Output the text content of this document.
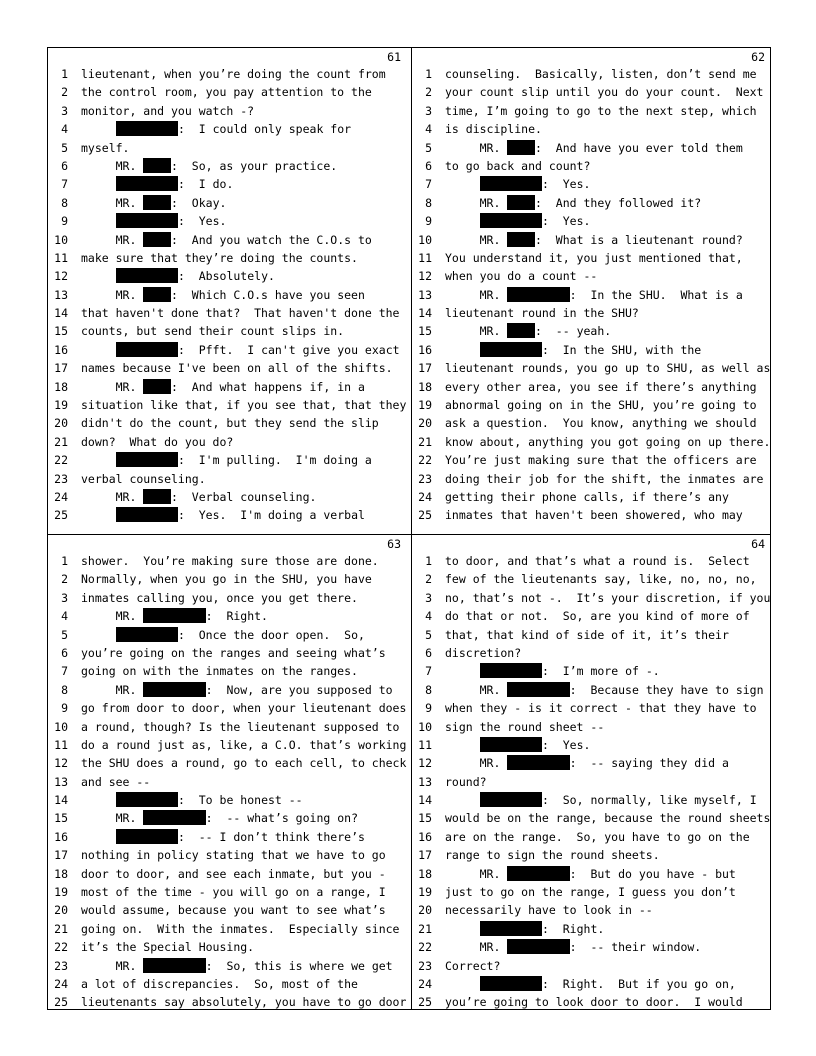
61
1 lieutenant, when you’re doing the count from
2 the control room, you pay attention to the
3 monitor, and you watch -?
4	:  I could only speak for
5 myself.
6     MR. :  So, as your practice.
7	:  I do.
8     MR. :  Okay.
9	:  Yes.
10     MR. :  And you watch the C.O.s to
11 make sure that they’re doing the counts.
12	:  Absolutely.
13     MR. :  Which C.O.s have you seen
14 that haven't done that?  That haven't done the
15 counts, but send their count slips in.
16	:  Pfft.  I can't give you exact
17 names because I've been on all of the shifts.
18     MR. :  And what happens if, in a
19 situation like that, if you see that, that they
20 didn't do the count, but they send the slip
21 down?  What do you do?
22	:  I'm pulling.  I'm doing a
23 verbal counseling.
24     MR. :  Verbal counseling.
25	:  Yes.  I'm doing a verbal
62
1 counseling.  Basically, listen, don’t send me
2 your count slip until you do your count.  Next
3 time, I’m going to go to the next step, which
4 is discipline.
5     MR. :  And have you ever told them
6 to go back and count?
7	:  Yes.
8     MR. :  And they followed it?
9	:  Yes.
10     MR. :  What is a lieutenant round?
11 You understand it, you just mentioned that,
12 when you do a count --
13     MR.	:  In the SHU.  What is a
14 lieutenant round in the SHU?
15     MR. :  -- yeah.
16	:  In the SHU, with the
17 lieutenant rounds, you go up to SHU, as well as
18 every other area, you see if there’s anything
19 abnormal going on in the SHU, you’re going to
20 ask a question.  You know, anything we should
21 know about, anything you got going on up there.
22 You’re just making sure that the officers are
23 doing their job for the shift, the inmates are
24 getting their phone calls, if there’s any
25 inmates that haven't been showered, who may
63
1 shower.  You’re making sure those are done.
2 Normally, when you go in the SHU, you have
3 inmates calling you, once you get there.
4     MR.	:  Right.
5	:  Once the door open.  So,
6 you’re going on the ranges and seeing what’s
7 going on with the inmates on the ranges.
8     MR.	:  Now, are you supposed to
9 go from door to door, when your lieutenant does
10 a round, though? Is the lieutenant supposed to
11 do a round just as, like, a C.O. that’s working
12 the SHU does a round, go to each cell, to check
13 and see --
14	:  To be honest --
15     MR.	:  -- what’s going on?
16	:  -- I don’t think there’s
17 nothing in policy stating that we have to go
18 door to door, and see each inmate, but you -
19 most of the time - you will go on a range, I
20 would assume, because you want to see what’s
21 going on.  With the inmates.  Especially since
22 it’s the Special Housing.
23     MR.	:  So, this is where we get
24 a lot of discrepancies.  So, most of the
25 lieutenants say absolutely, you have to go door
64
1 to door, and that’s what a round is.  Select
2 few of the lieutenants say, like, no, no, no,
3 no, that’s not -.  It’s your discretion, if you
4 do that or not.  So, are you kind of more of
5 that, that kind of side of it, it’s their
6 discretion?
7	:  I’m more of -.
8     MR.	:  Because they have to sign
9 when they - is it correct - that they have to
10 sign the round sheet --
11	:  Yes.
12     MR.	:  -- saying they did a
13 round?
14	:  So, normally, like myself, I
15 would be on the range, because the round sheets
16 are on the range.  So, you have to go on the
17 range to sign the round sheets.
18     MR.	:  But do you have - but
19 just to go on the range, I guess you don’t
20 necessarily have to look in --
21	:  Right.
22     MR.	:  -- their window.
23 Correct?
24	:  Right.  But if you go on,
25 you’re going to look door to door.  I would
